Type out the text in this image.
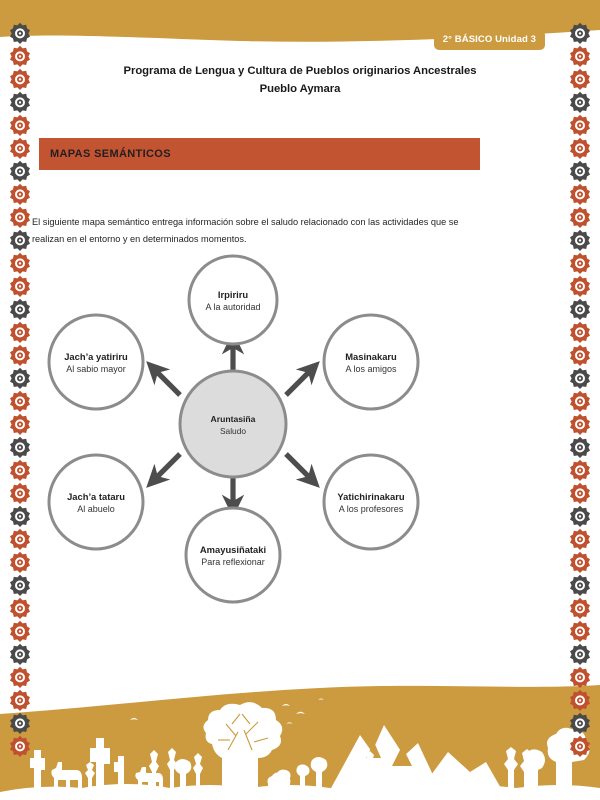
2° BÁSICO Unidad 3
Programa de Lengua y Cultura de Pueblos originarios Ancestrales
Pueblo Aymara
MAPAS SEMÁNTICOS

El siguiente mapa semántico entrega información sobre el saludo relacionado con las actividades que se realizan en el entorno y en determinados momentos.

Aruntasiña
Saludo
Irpiriru
A la autoridad
Masinakaru
A los amigos
Yatichirinakaru
A los profesores
Amayusiñataki
Para reflexionar
Jach’a tataru
Al abuelo
Jach’a yatiriru
Al sabio mayor
